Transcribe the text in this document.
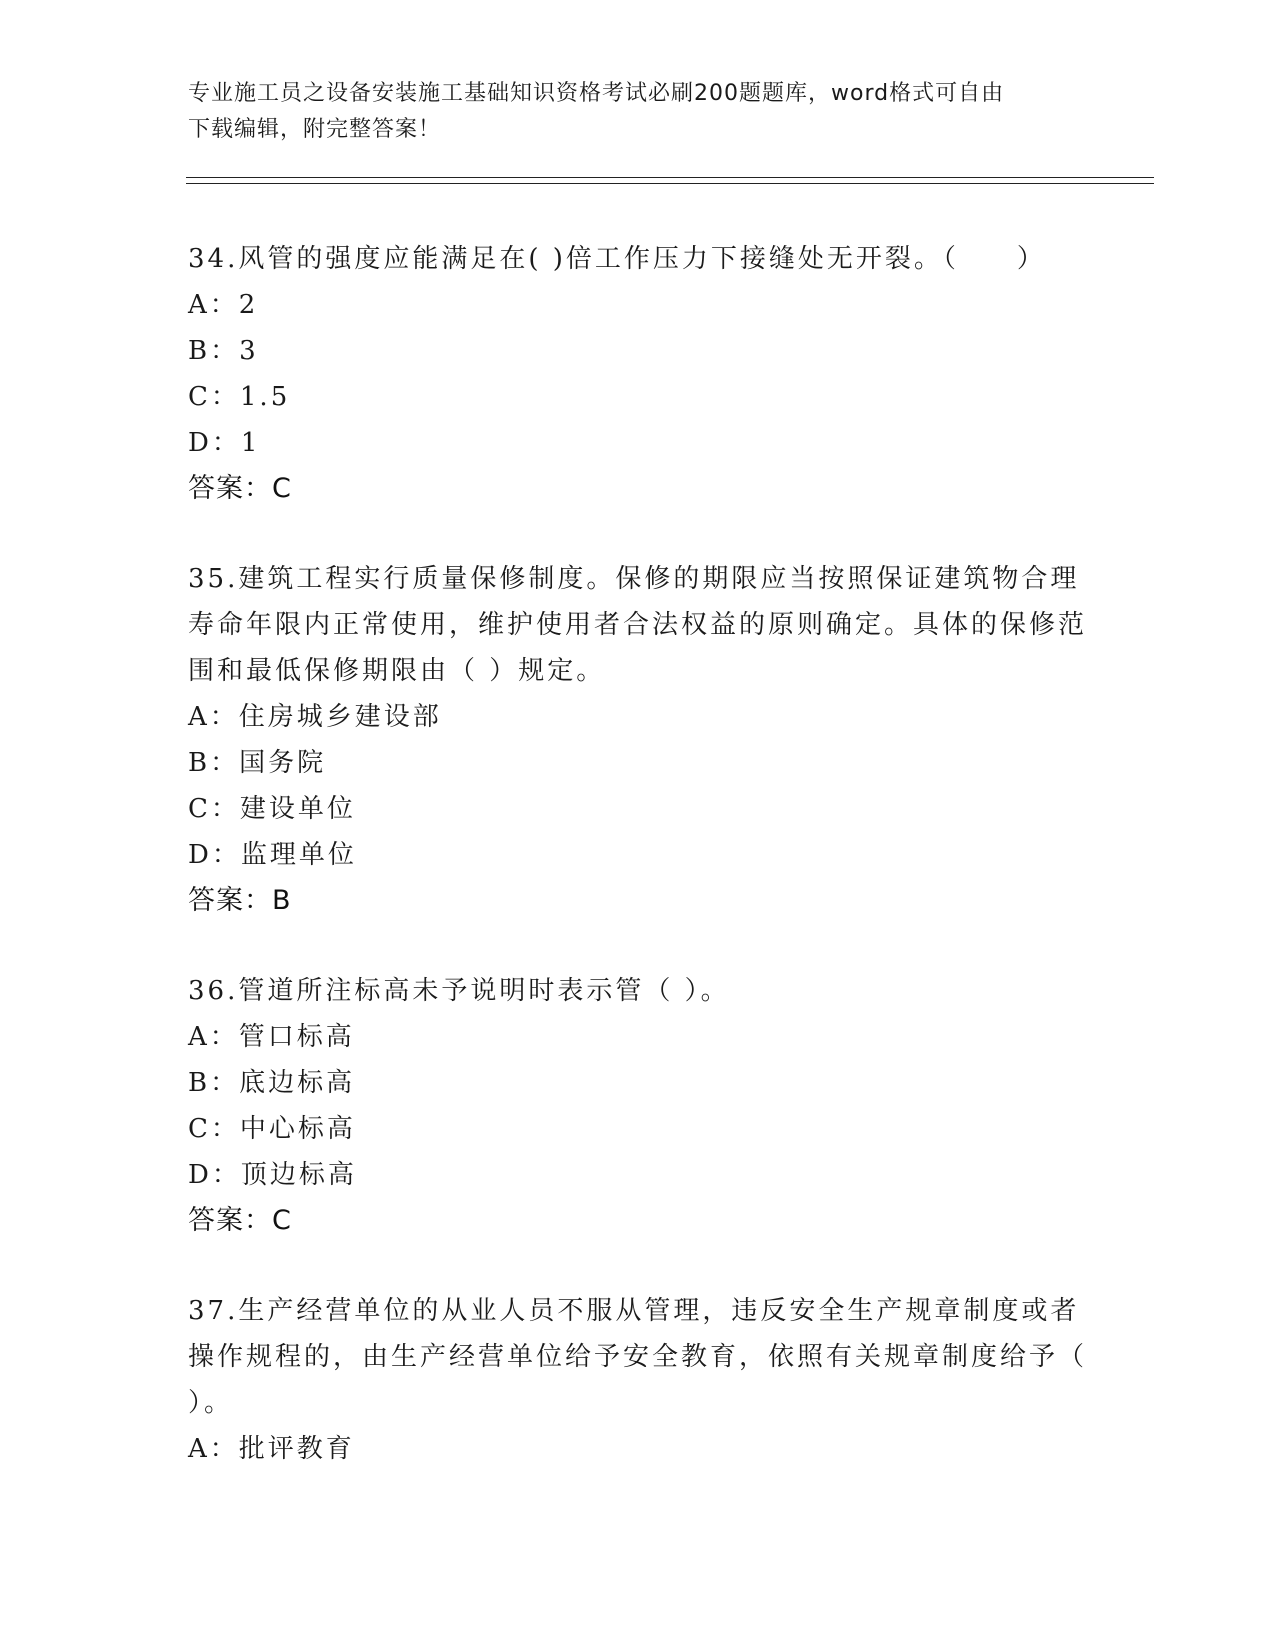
专业施工员之设备安装施工基础知识资格考试必刷200题题库，word格式可自由
下载编辑，附完整答案！

34.风管的强度应能满足在( )倍工作压力下接缝处无开裂。（　　）

A：2

B：3

C：1.5

D：1

答案：C

35.建筑工程实行质量保修制度。保修的期限应当按照保证建筑物合理寿命年限内正常使用，维护使用者合法权益的原则确定。具体的保修范围和最低保修期限由（ ）规定。

A：住房城乡建设部

B：国务院

C：建设单位

D：监理单位

答案：B

36.管道所注标高未予说明时表示管（ ）。

A：管口标高

B：底边标高

C：中心标高

D：顶边标高

答案：C

37.生产经营单位的从业人员不服从管理，违反安全生产规章制度或者操作规程的，由生产经营单位给予安全教育，依照有关规章制度给予（ ）。

A：批评教育
